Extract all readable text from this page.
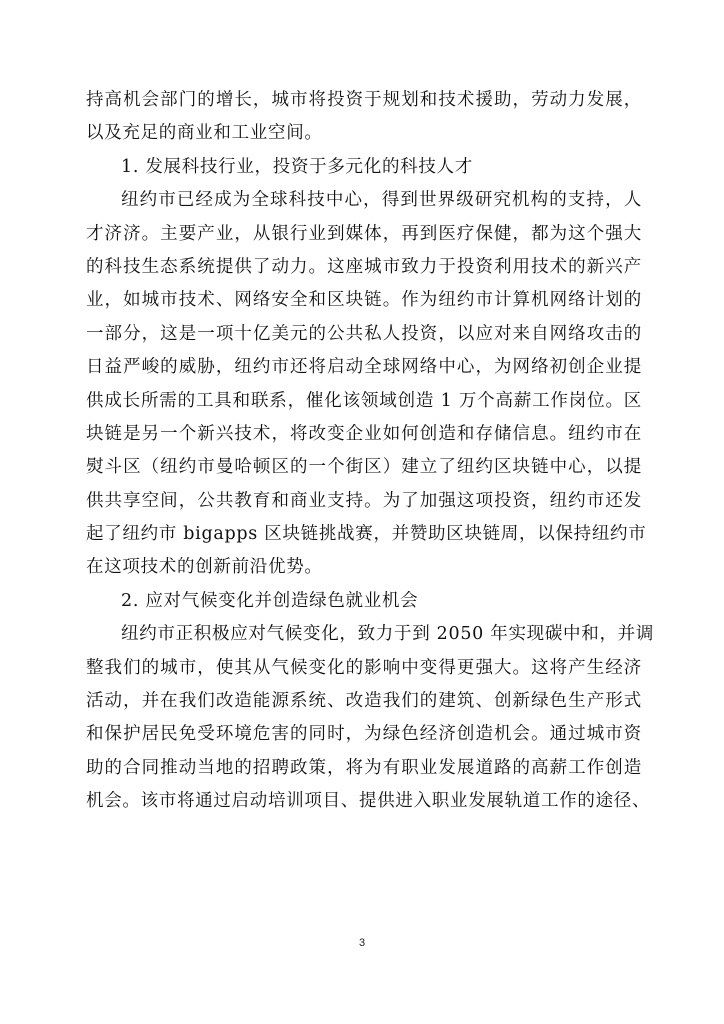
持高机会部门的增长，城市将投资于规划和技术援助，劳动力发展，
以及充足的商业和工业空间。
1. 发展科技行业，投资于多元化的科技人才
纽约市已经成为全球科技中心，得到世界级研究机构的支持，人
才济济。主要产业，从银行业到媒体，再到医疗保健，都为这个强大
的科技生态系统提供了动力。这座城市致力于投资利用技术的新兴产
业，如城市技术、网络安全和区块链。作为纽约市计算机网络计划的
一部分，这是一项十亿美元的公共私人投资，以应对来自网络攻击的
日益严峻的威胁，纽约市还将启动全球网络中心，为网络初创企业提
供成长所需的工具和联系，催化该领域创造 1 万个高薪工作岗位。区
块链是另一个新兴技术，将改变企业如何创造和存储信息。纽约市在
熨斗区（纽约市曼哈顿区的一个街区）建立了纽约区块链中心，以提
供共享空间，公共教育和商业支持。为了加强这项投资，纽约市还发
起了纽约市 bigapps 区块链挑战赛，并赞助区块链周，以保持纽约市
在这项技术的创新前沿优势。
2. 应对气候变化并创造绿色就业机会
纽约市正积极应对气候变化，致力于到 2050 年实现碳中和，并调
整我们的城市，使其从气候变化的影响中变得更强大。这将产生经济
活动，并在我们改造能源系统、改造我们的建筑、创新绿色生产形式
和保护居民免受环境危害的同时，为绿色经济创造机会。通过城市资
助的合同推动当地的招聘政策，将为有职业发展道路的高薪工作创造
机会。该市将通过启动培训项目、提供进入职业发展轨道工作的途径、
3
